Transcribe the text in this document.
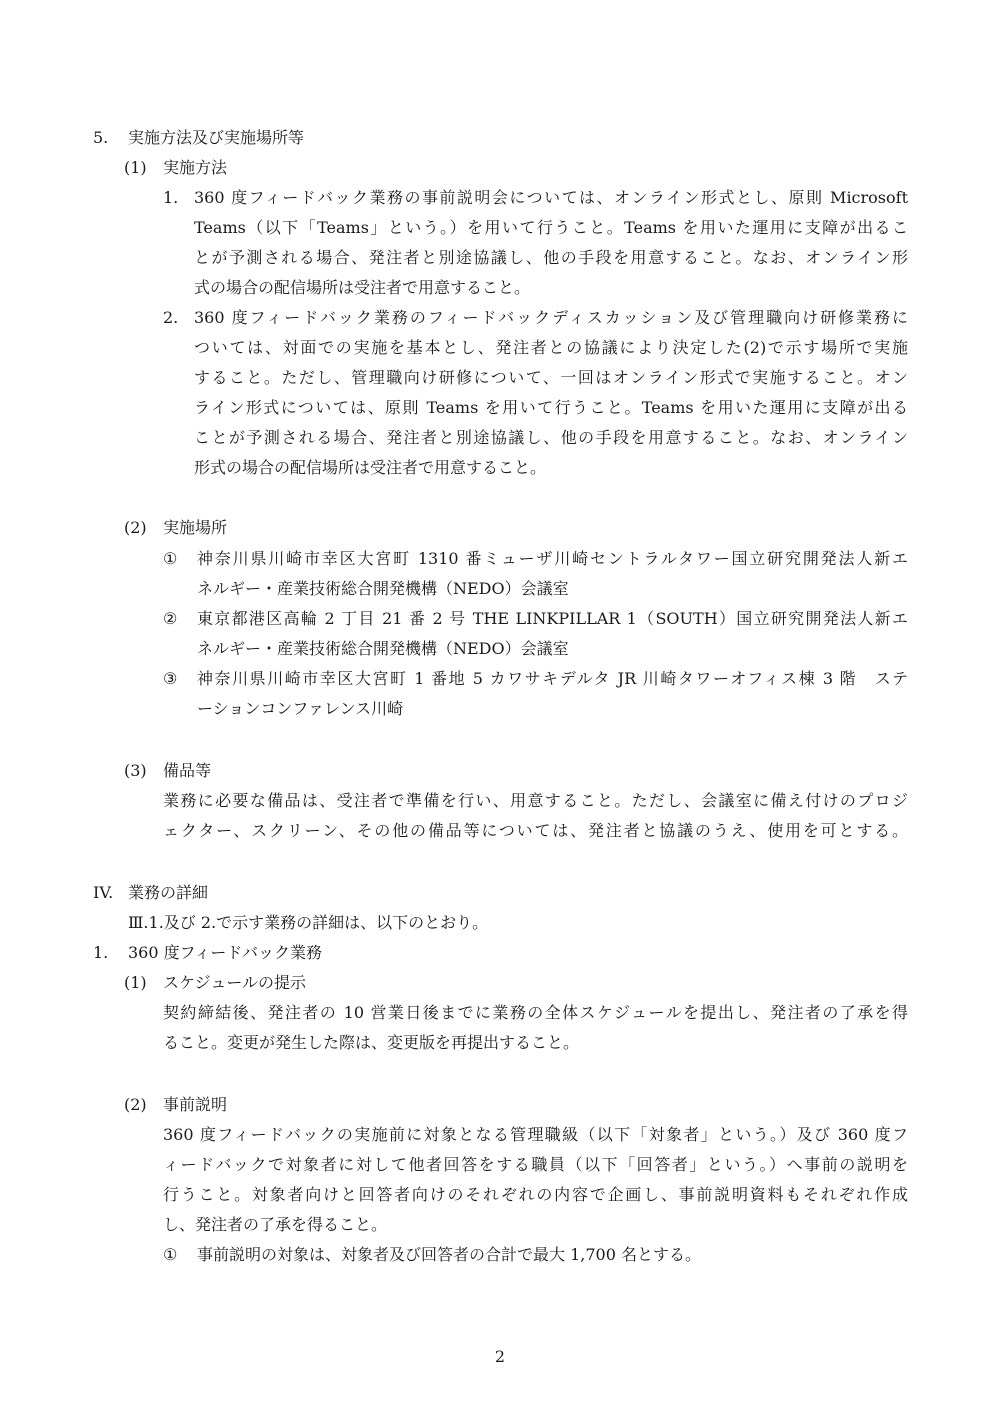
5. 実施方法及び実施場所等
(1) 実施方法
1. 360 度フィードバック業務の事前説明会については、オンライン形式とし、原則 Microsoft
Teams（以下「Teams」という。）を用いて行うこと。Teams を用いた運用に支障が出るこ
とが予測される場合、発注者と別途協議し、他の手段を用意すること。なお、オンライン形
式の場合の配信場所は受注者で用意すること。
2. 360 度フィードバック業務のフィードバックディスカッション及び管理職向け研修業務に
ついては、対面での実施を基本とし、発注者との協議により決定した(2)で示す場所で実施
すること。ただし、管理職向け研修について、一回はオンライン形式で実施すること。オン
ライン形式については、原則 Teams を用いて行うこと。Teams を用いた運用に支障が出る
ことが予測される場合、発注者と別途協議し、他の手段を用意すること。なお、オンライン
形式の場合の配信場所は受注者で用意すること。
(2) 実施場所
① 神奈川県川崎市幸区大宮町 1310 番ミューザ川崎セントラルタワー国立研究開発法人新エ
ネルギー・産業技術総合開発機構（NEDO）会議室
② 東京都港区高輪 2 丁目 21 番 2 号 THE LINKPILLAR 1（SOUTH）国立研究開発法人新エ
ネルギー・産業技術総合開発機構（NEDO）会議室
③ 神奈川県川崎市幸区大宮町 1 番地 5 カワサキデルタ JR 川崎タワーオフィス棟 3 階　ステ
ーションコンファレンス川崎
(3) 備品等
業務に必要な備品は、受注者で準備を行い、用意すること。ただし、会議室に備え付けのプロジ
ェクター、スクリーン、その他の備品等については、発注者と協議のうえ、使用を可とする。
IV. 業務の詳細
Ⅲ.1.及び 2.で示す業務の詳細は、以下のとおり。
1. 360 度フィードバック業務
(1) スケジュールの提示
契約締結後、発注者の 10 営業日後までに業務の全体スケジュールを提出し、発注者の了承を得
ること。変更が発生した際は、変更版を再提出すること。
(2) 事前説明
360 度フィードバックの実施前に対象となる管理職級（以下「対象者」という。）及び 360 度フ
ィードバックで対象者に対して他者回答をする職員（以下「回答者」という。）へ事前の説明を
行うこと。対象者向けと回答者向けのそれぞれの内容で企画し、事前説明資料もそれぞれ作成
し、発注者の了承を得ること。
① 事前説明の対象は、対象者及び回答者の合計で最大 1,700 名とする。
2
